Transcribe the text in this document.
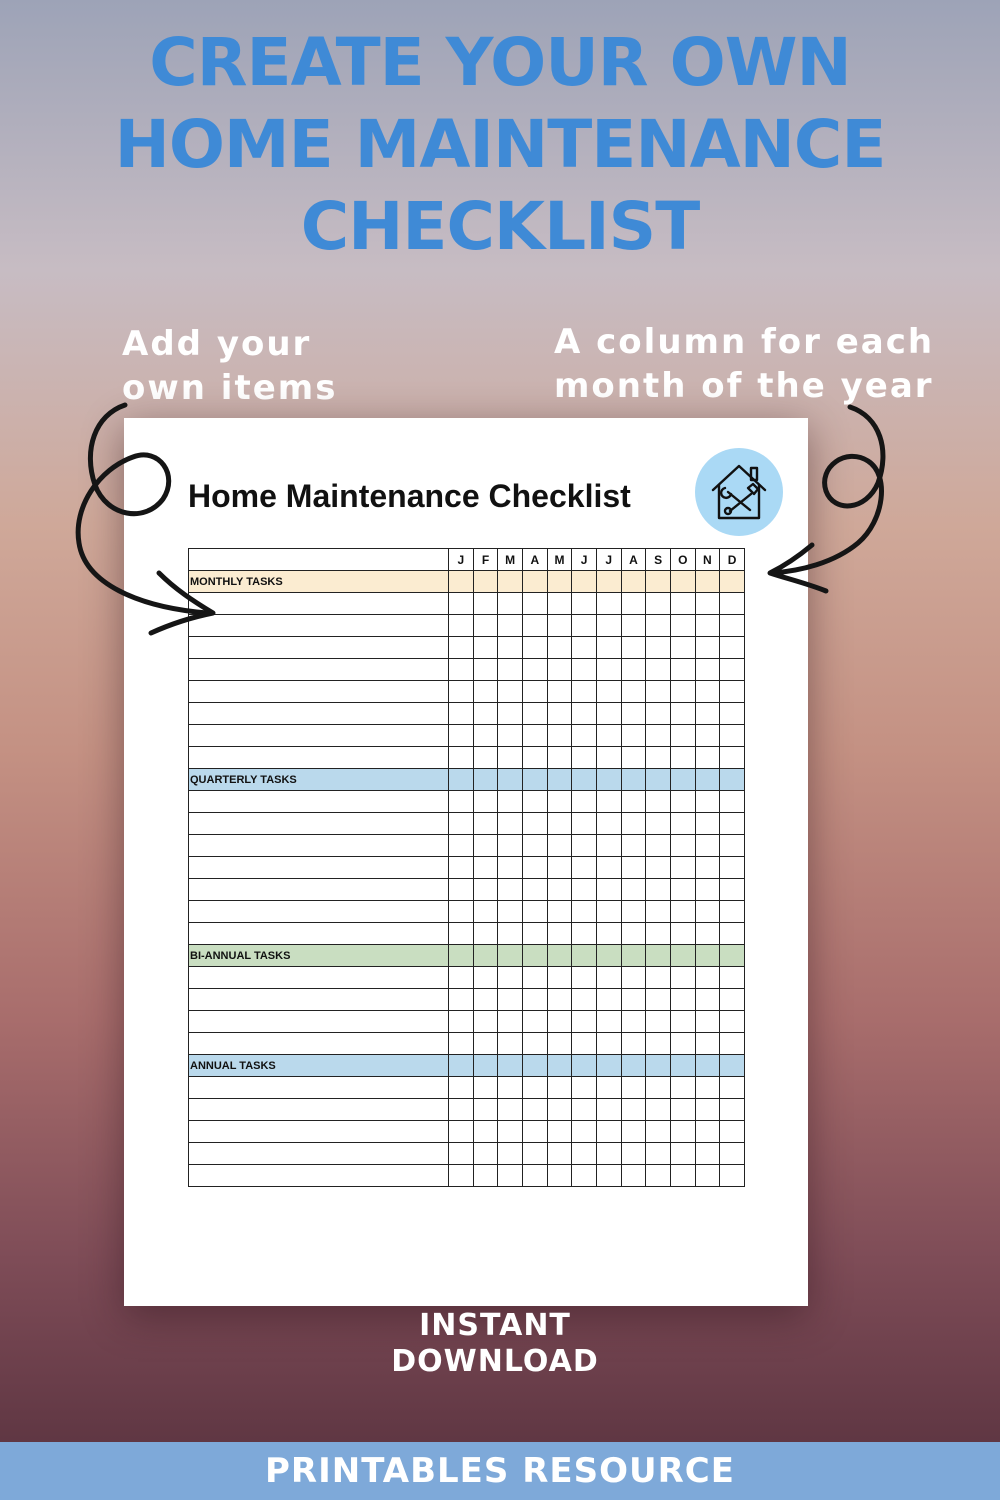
CREATE YOUR OWN
HOME MAINTENANCE
CHECKLIST
Add your
own items
A column for each
month of the year
Home Maintenance Checklist
	J	F	M	A	M	J	J	A	S	O	N	D
MONTHLY TASKS												

QUARTERLY TASKS												

BI-ANNUAL TASKS												

ANNUAL TASKS												

INSTANT
DOWNLOAD
PRINTABLES RESOURCE
